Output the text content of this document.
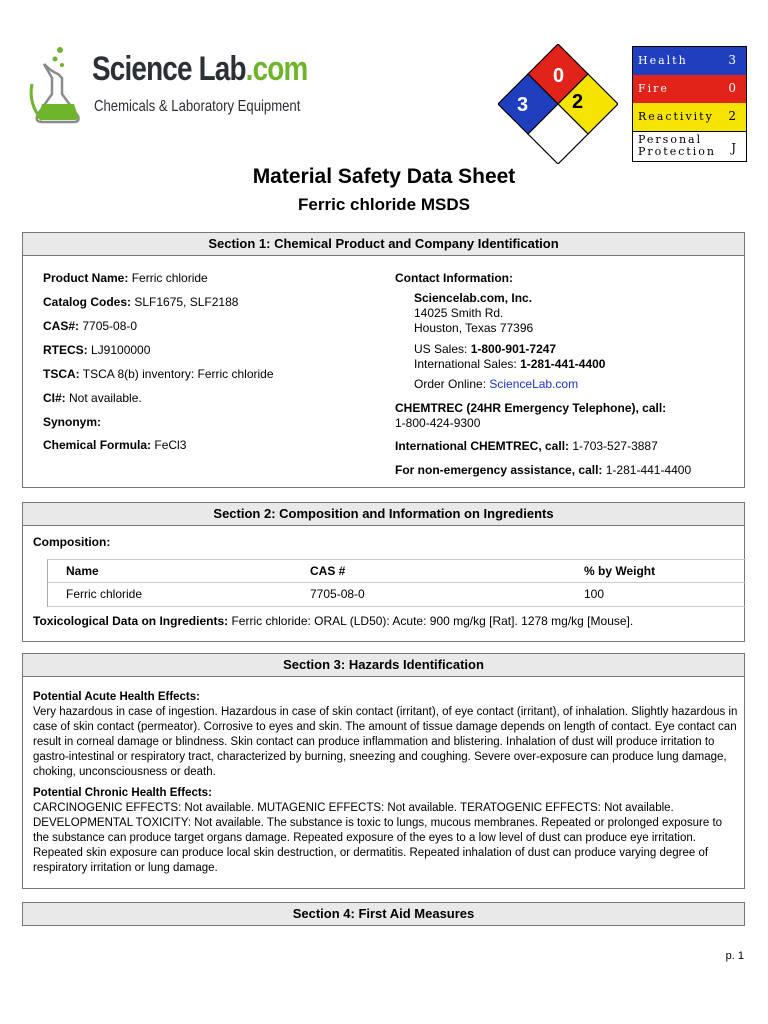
Science Lab.com
Chemicals & Laboratory Equipment
0
3 2
Health	3
Fire	0
Reactivity 2
Personal
Protection J
Material Safety Data Sheet
Ferric chloride MSDS
Section 1: Chemical Product and Company Identification
Product Name: Ferric chloride
Catalog Codes: SLF1675, SLF2188
CAS#: 7705-08-0
RTECS: LJ9100000
TSCA: TSCA 8(b) inventory: Ferric chloride
CI#: Not available.
Synonym:
Chemical Formula: FeCl3
Contact Information:
Sciencelab.com, Inc.
14025 Smith Rd.
Houston, Texas 77396
US Sales: 1-800-901-7247
International Sales: 1-281-441-4400
Order Online: ScienceLab.com
CHEMTREC (24HR Emergency Telephone), call:
1-800-424-9300
International CHEMTREC, call: 1-703-527-3887
For non-emergency assistance, call: 1-281-441-4400
Section 2: Composition and Information on Ingredients
Composition:
Name	CAS #	% by Weight
Ferric chloride	7705-08-0	100
Toxicological Data on Ingredients: Ferric chloride: ORAL (LD50): Acute: 900 mg/kg [Rat]. 1278 mg/kg [Mouse].
Section 3: Hazards Identification
Potential Acute Health Effects:
Very hazardous in case of ingestion. Hazardous in case of skin contact (irritant), of eye contact (irritant), of inhalation. Slightly hazardous in case of skin contact (permeator). Corrosive to eyes and skin. The amount of tissue damage depends on length of contact. Eye contact can result in corneal damage or blindness. Skin contact can produce inflammation and blistering. Inhalation of dust will produce irritation to gastro-intestinal or respiratory tract, characterized by burning, sneezing and coughing. Severe over-exposure can produce lung damage, choking, unconsciousness or death.
Potential Chronic Health Effects:
CARCINOGENIC EFFECTS: Not available. MUTAGENIC EFFECTS: Not available. TERATOGENIC EFFECTS: Not available. DEVELOPMENTAL TOXICITY: Not available. The substance is toxic to lungs, mucous membranes. Repeated or prolonged exposure to the substance can produce target organs damage. Repeated exposure of the eyes to a low level of dust can produce eye irritation. Repeated skin exposure can produce local skin destruction, or dermatitis. Repeated inhalation of dust can produce varying degree of respiratory irritation or lung damage.
Section 4: First Aid Measures
p. 1
